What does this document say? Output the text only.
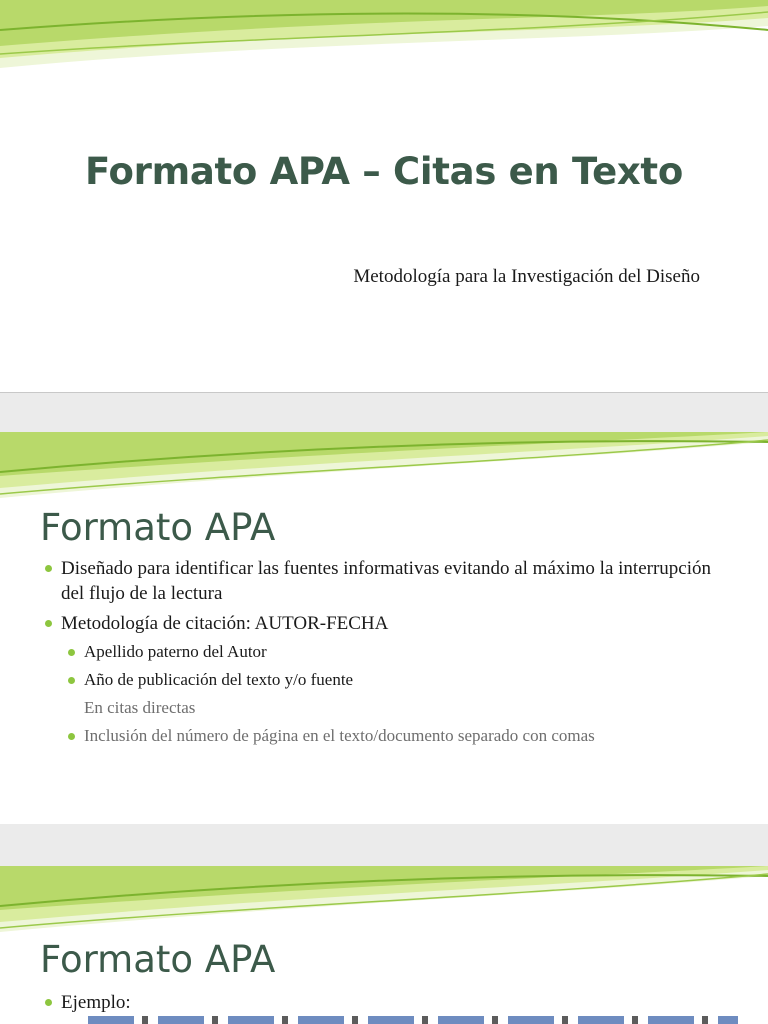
Formato APA – Citas en Texto

Metodología para la Investigación del Diseño

Formato APA
Diseñado para identificar las fuentes informativas evitando al máximo la interrupción del flujo de la lectura
Metodología de citación: AUTOR-FECHA
Apellido paterno del Autor
Año de publicación del texto y/o fuente
En citas directas
Inclusión del número de página en el texto/documento separado con comas
Formato APA
Ejemplo:
